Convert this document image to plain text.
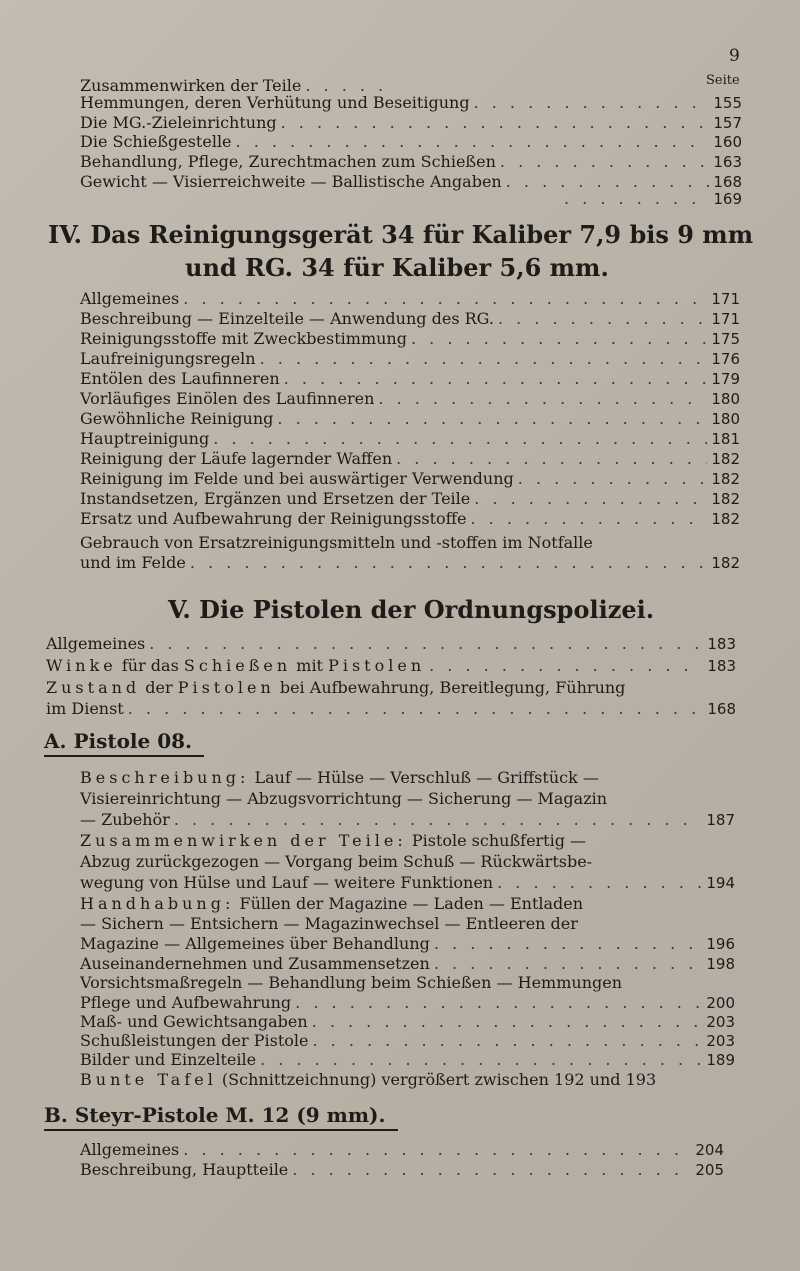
9
Seite
Zusammenwirken der Teile
. . .
Hemmungen, deren Verhütung und Beseitigung . . .	155
Die MG.-Zieleinrichtung . . .	157
Die Schießgestelle . . .	160
Behandlung, Pflege, Zurechtmachen zum Schießen . . .	163
Gewicht — Visierreichweite — Ballistische Angaben . . .	168
. . .
169
IV. Das Reinigungsgerät 34 für Kaliber 7,9 bis 9 mm
und RG. 34 für Kaliber 5,6 mm.
Allgemeines . . .	171
Beschreibung — Einzelteile — Anwendung des RG. . . .	171
Reinigungsstoffe mit Zweckbestimmung . . .	175
Laufreinigungsregeln . . .	176
Entölen des Laufinneren . . .	179
Vorläufiges Einölen des Laufinneren . . .	180
Gewöhnliche Reinigung . . .	180
Hauptreinigung . . .	181
Reinigung der Läufe lagernder Waffen . . .	182
Reinigung im Felde und bei auswärtiger Verwendung . . .	182
Instandsetzen, Ergänzen und Ersetzen der Teile . . .	182
Ersatz und Aufbewahrung der Reinigungsstoffe . . .	182
Gebrauch von Ersatzreinigungsmitteln und -stoffen im Notfalle
und im Felde . . .	182
V. Die Pistolen der Ordnungspolizei.
Allgemeines . . .	183
Winke für das Schießen mit Pistolen . . .	183
Zustand der Pistolen bei Aufbewahrung, Bereitlegung, Führung
im Dienst . . .	168
A. Pistole 08.
Beschreibung: Lauf — Hülse — Verschluß — Griffstück —
Visiereinrichtung — Abzugsvorrichtung — Sicherung — Magazin
— Zubehör . . .	187
Zusammenwirken der Teile: Pistole schußfertig —
Abzug zurückgezogen — Vorgang beim Schuß — Rückwärtsbe-
wegung von Hülse und Lauf — weitere Funktionen . . .	194
Handhabung: Füllen der Magazine — Laden — Entladen
— Sichern — Entsichern — Magazinwechsel — Entleeren der
Magazine — Allgemeines über Behandlung . . .	196
Auseinandernehmen und Zusammensetzen . . .	198
Vorsichtsmaßregeln — Behandlung beim Schießen — Hemmungen
Pflege und Aufbewahrung . . .	200
Maß- und Gewichtsangaben . . .	203
Schußleistungen der Pistole . . .	203
Bilder und Einzelteile . . .	189
Bunte Tafel (Schnittzeichnung) vergrößert zwischen 192 und 193
B. Steyr-Pistole M. 12 (9 mm).
Allgemeines . . .	204
Beschreibung, Hauptteile . . .	205
